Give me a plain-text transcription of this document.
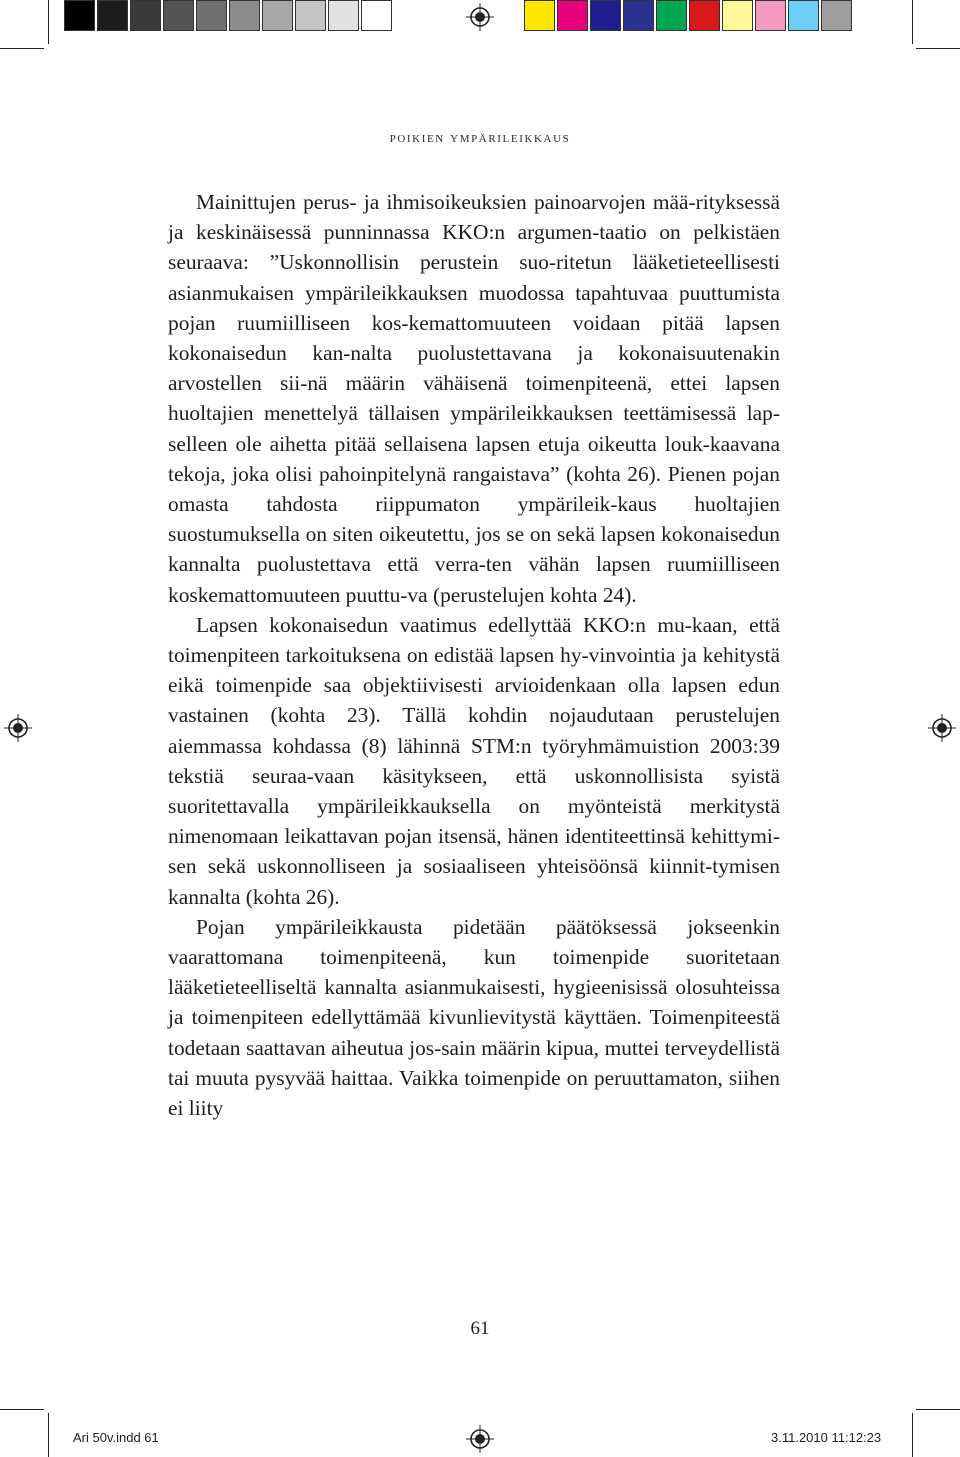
poikien ympärileikkaus

Mainittujen perus- ja ihmisoikeuksien painoarvojen mää-rityksessä ja keskinäisessä punninnassa KKO:n argumen-taatio on pelkistäen seuraava: ”Uskonnollisin perustein suo-ritetun lääketieteellisesti asianmukaisen ympärileikkauksen muodossa tapahtuvaa puuttumista pojan ruumiilliseen kos-kemattomuuteen voidaan pitää lapsen kokonaisedun kan-nalta puolustettavana ja kokonaisuutenakin arvostellen sii-nä määrin vähäisenä toimenpiteenä, ettei lapsen huoltajien menettelyä tällaisen ympärileikkauksen teettämisessä lap-selleen ole aihetta pitää sellaisena lapsen etuja oikeutta louk-kaavana tekoja, joka olisi pahoinpitelynä rangaistava” (kohta 26). Pienen pojan omasta tahdosta riippumaton ympärileik-kaus huoltajien suostumuksella on siten oikeutettu, jos se on sekä lapsen kokonaisedun kannalta puolustettava että verra-ten vähän lapsen ruumiilliseen koskemattomuuteen puuttu-va (perustelujen kohta 24).

Lapsen kokonaisedun vaatimus edellyttää KKO:n mu-kaan, että toimenpiteen tarkoituksena on edistää lapsen hy-vinvointia ja kehitystä eikä toimenpide saa objektiivisesti arvioidenkaan olla lapsen edun vastainen (kohta 23). Tällä kohdin nojaudutaan perustelujen aiemmassa kohdassa (8) lähinnä STM:n työryhmämuistion 2003:39 tekstiä seuraa-vaan käsitykseen, että uskonnollisista syistä suoritettavalla ympärileikkauksella on myönteistä merkitystä nimenomaan leikattavan pojan itsensä, hänen identiteettinsä kehittymi-sen sekä uskonnolliseen ja sosiaaliseen yhteisöönsä kiinnit-tymisen kannalta (kohta 26).

Pojan ympärileikkausta pidetään päätöksessä jokseenkin vaarattomana toimenpiteenä, kun toimenpide suoritetaan lääketieteelliseltä kannalta asianmukaisesti, hygieenisissä olosuhteissa ja toimenpiteen edellyttämää kivunlievitystä käyttäen. Toimenpiteestä todetaan saattavan aiheutua jos-sain määrin kipua, muttei terveydellistä tai muuta pysyvää haittaa. Vaikka toimenpide on peruuttamaton, siihen ei liity

61
Ari 50v.indd 61	3.11.2010 11:12:23
